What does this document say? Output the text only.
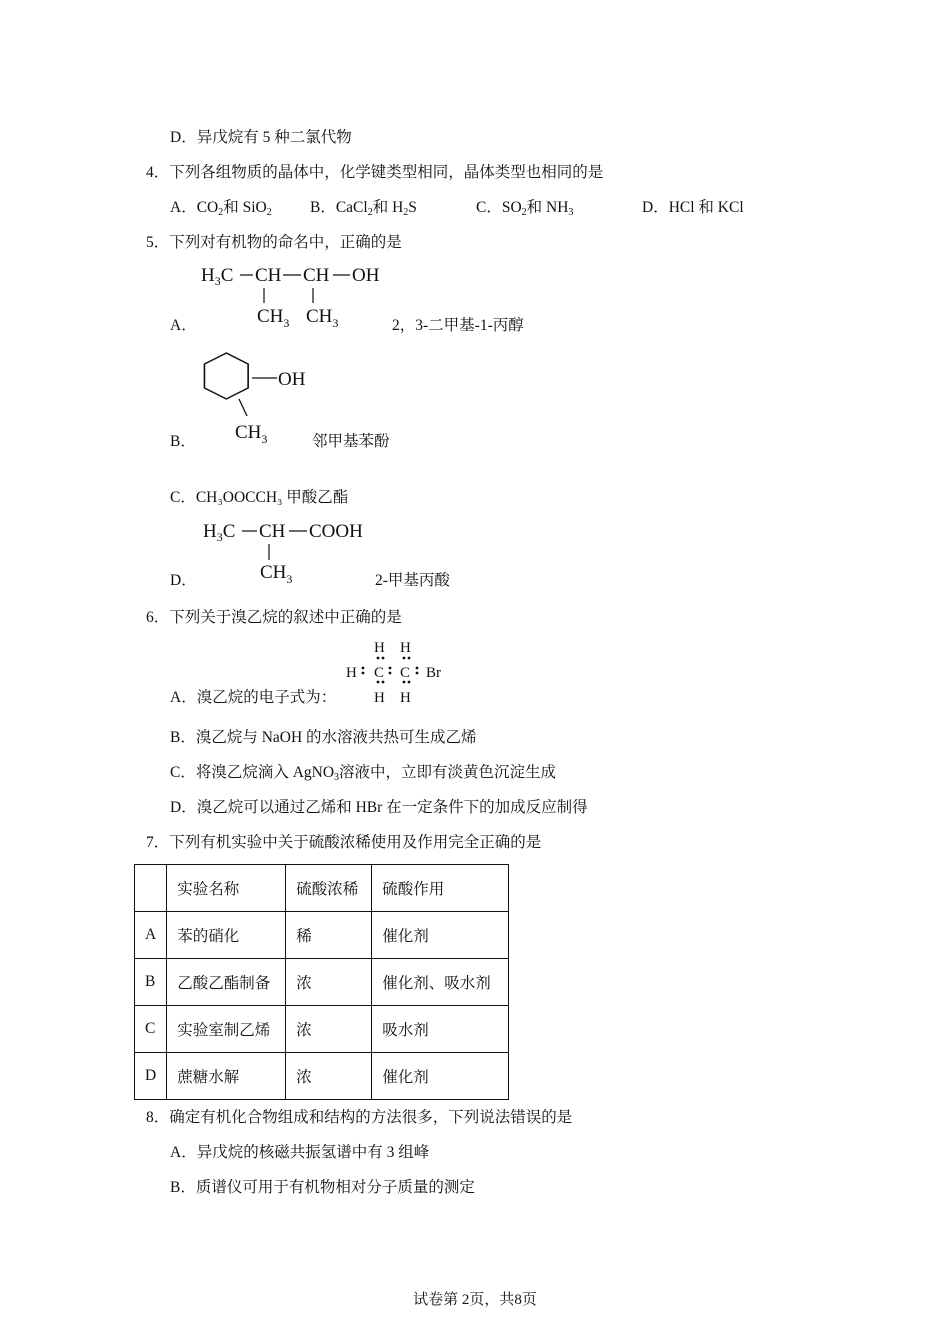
D．异戊烷有 5 种二氯代物
4．下列各组物质的晶体中，化学键类型相同，晶体类型也相同的是
A．$CO_2$和 SiO$_2$ B．CaCl$_2$和 $H_2S$	C．$SO_2$和 $NH_3$	D．HCl 和 KCl
5．下列对有机物的命名中，正确的是
$H_3C$ CH CH OH
$CH_3$ $CH_3$
A．	2，3-二甲基-1-丙醇
OH
$CH_3$
B．	邻甲基苯酚
C．CH₃OOCCH₃ 甲酸乙酯
$H_3C$ CH COOH
$CH_3$
D．	2-甲基丙酸
6．下列关于溴乙烷的叙述中正确的是
H H
H C C Br
H H
A．溴乙烷的电子式为：
B．溴乙烷与 NaOH 的水溶液共热可生成乙烯
C．将溴乙烷滴入 AgNO$_3$溶液中，立即有淡黄色沉淀生成
D．溴乙烷可以通过乙烯和 HBr 在一定条件下的加成反应制得
7．下列有机实验中关于硫酸浓稀使用及作用完全正确的是
	实验名称	硫酸浓稀	硫酸作用
A	苯的硝化	稀	催化剂
B	乙酸乙酯制备	浓	催化剂、吸水剂
C	实验室制乙烯	浓	吸水剂
D	蔗糖水解	浓	催化剂
8．确定有机化合物组成和结构的方法很多，下列说法错误的是
A．异戊烷的核磁共振氢谱中有 3 组峰
B．质谱仪可用于有机物相对分子质量的测定
试卷第 2页，共8页
